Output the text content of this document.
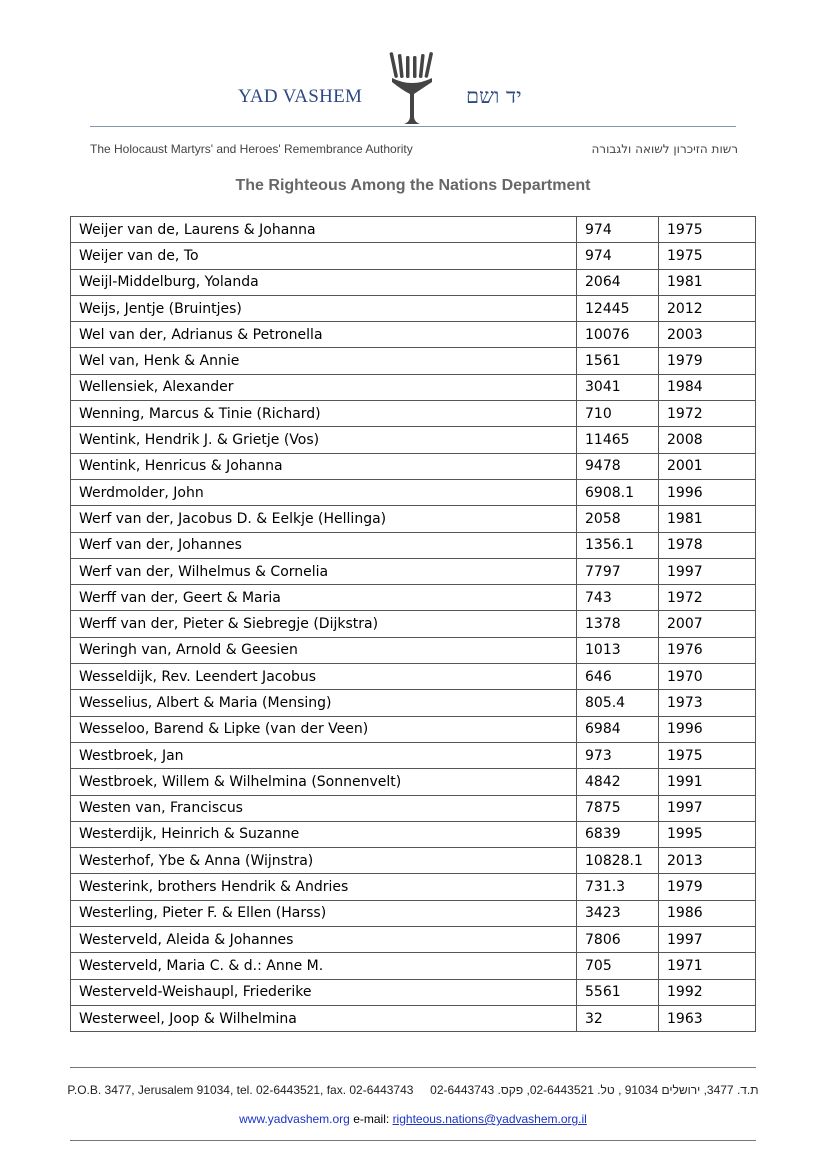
YAD VASHEM	יד ושם
The Holocaust Martyrs' and Heroes' Remembrance Authority	רשות הזיכרון לשואה ולגבורה
The Righteous Among the Nations Department
Weijer van de, Laurens & Johanna	974	1975
Weijer van de, To	974	1975
Weijl-Middelburg, Yolanda	2064	1981
Weijs, Jentje (Bruintjes)	12445	2012
Wel van der, Adrianus & Petronella	10076	2003
Wel van, Henk & Annie	1561	1979
Wellensiek, Alexander	3041	1984
Wenning, Marcus & Tinie (Richard)	710	1972
Wentink, Hendrik J. & Grietje (Vos)	11465	2008
Wentink, Henricus & Johanna	9478	2001
Werdmolder, John	6908.1	1996
Werf van der, Jacobus D. & Eelkje (Hellinga)	2058	1981
Werf van der, Johannes	1356.1	1978
Werf van der, Wilhelmus & Cornelia	7797	1997
Werff van der, Geert & Maria	743	1972
Werff van der, Pieter & Siebregje (Dijkstra)	1378	2007
Weringh van, Arnold & Geesien	1013	1976
Wesseldijk, Rev. Leendert Jacobus	646	1970
Wesselius, Albert & Maria (Mensing)	805.4	1973
Wesseloo, Barend & Lipke (van der Veen)	6984	1996
Westbroek, Jan	973	1975
Westbroek, Willem & Wilhelmina (Sonnenvelt)	4842	1991
Westen van, Franciscus	7875	1997
Westerdijk, Heinrich & Suzanne	6839	1995
Westerhof, Ybe & Anna (Wijnstra)	10828.1	2013
Westerink, brothers Hendrik & Andries	731.3	1979
Westerling, Pieter F. & Ellen (Harss)	3423	1986
Westerveld, Aleida & Johannes	7806	1997
Westerveld, Maria C. & d.: Anne M.	705	1971
Westerveld-Weishaupl, Friederike	5561	1992
Westerweel, Joop & Wilhelmina	32	1963
P.O.B. 3477, Jerusalem 91034, tel. 02-6443521, fax. 02-6443743 ת.ד. 3477, ירושלים 91034 , טל. 02-6443521, פקס. 02-6443743
www.yadvashem.org e-mail: righteous.nations@yadvashem.org.il
